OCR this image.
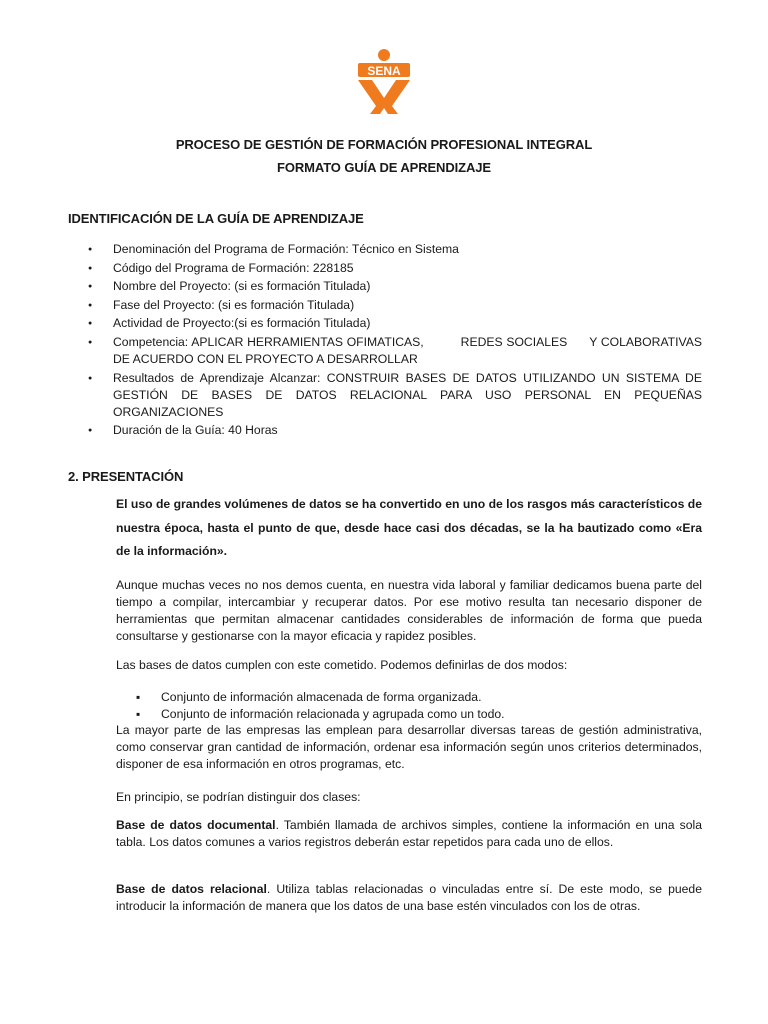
SENA
PROCESO DE GESTIÓN DE FORMACIÓN PROFESIONAL INTEGRAL
FORMATO GUÍA DE APRENDIZAJE
IDENTIFICACIÓN DE LA GUÍA DE APRENDIZAJE
● Denominación del Programa de Formación: Técnico en Sistema
● Código del Programa de Formación: 228185
● Nombre del Proyecto: (si es formación Titulada)
● Fase del Proyecto: (si es formación Titulada)
● Actividad de Proyecto:(si es formación Titulada)
● Competencia: APLICAR HERRAMIENTAS OFIMATICAS,          REDES SOCIALES      Y COLABORATIVAS DE ACUERDO CON EL PROYECTO A DESARROLLAR
● Resultados de Aprendizaje Alcanzar: CONSTRUIR BASES DE DATOS UTILIZANDO UN SISTEMA DE GESTIÓN DE BASES DE DATOS RELACIONAL PARA USO PERSONAL EN PEQUEÑAS ORGANIZACIONES
● Duración de la Guía: 40 Horas
2. PRESENTACIÓN
El uso de grandes volúmenes de datos se ha convertido en uno de los rasgos más característicos de nuestra época, hasta el punto de que, desde hace casi dos décadas, se la ha bautizado como «Era de la información».
Aunque muchas veces no nos demos cuenta, en nuestra vida laboral y familiar dedicamos buena parte del tiempo a compilar, intercambiar y recuperar datos. Por ese motivo resulta tan necesario disponer de herramientas que permitan almacenar cantidades considerables de información de forma que pueda consultarse y gestionarse con la mayor eficacia y rapidez posibles.
Las bases de datos cumplen con este cometido. Podemos definirlas de dos modos:
▪ Conjunto de información almacenada de forma organizada.
▪ Conjunto de información relacionada y agrupada como un todo.
La mayor parte de las empresas las emplean para desarrollar diversas tareas de gestión administrativa, como conservar gran cantidad de información, ordenar esa información según unos criterios determinados, disponer de esa información en otros programas, etc.
En principio, se podrían distinguir dos clases:
Base de datos documental. También llamada de archivos simples, contiene la información en una sola tabla. Los datos comunes a varios registros deberán estar repetidos para cada uno de ellos.
Base de datos relacional. Utiliza tablas relacionadas o vinculadas entre sí. De este modo, se puede introducir la información de manera que los datos de una base estén vinculados con los de otras.
